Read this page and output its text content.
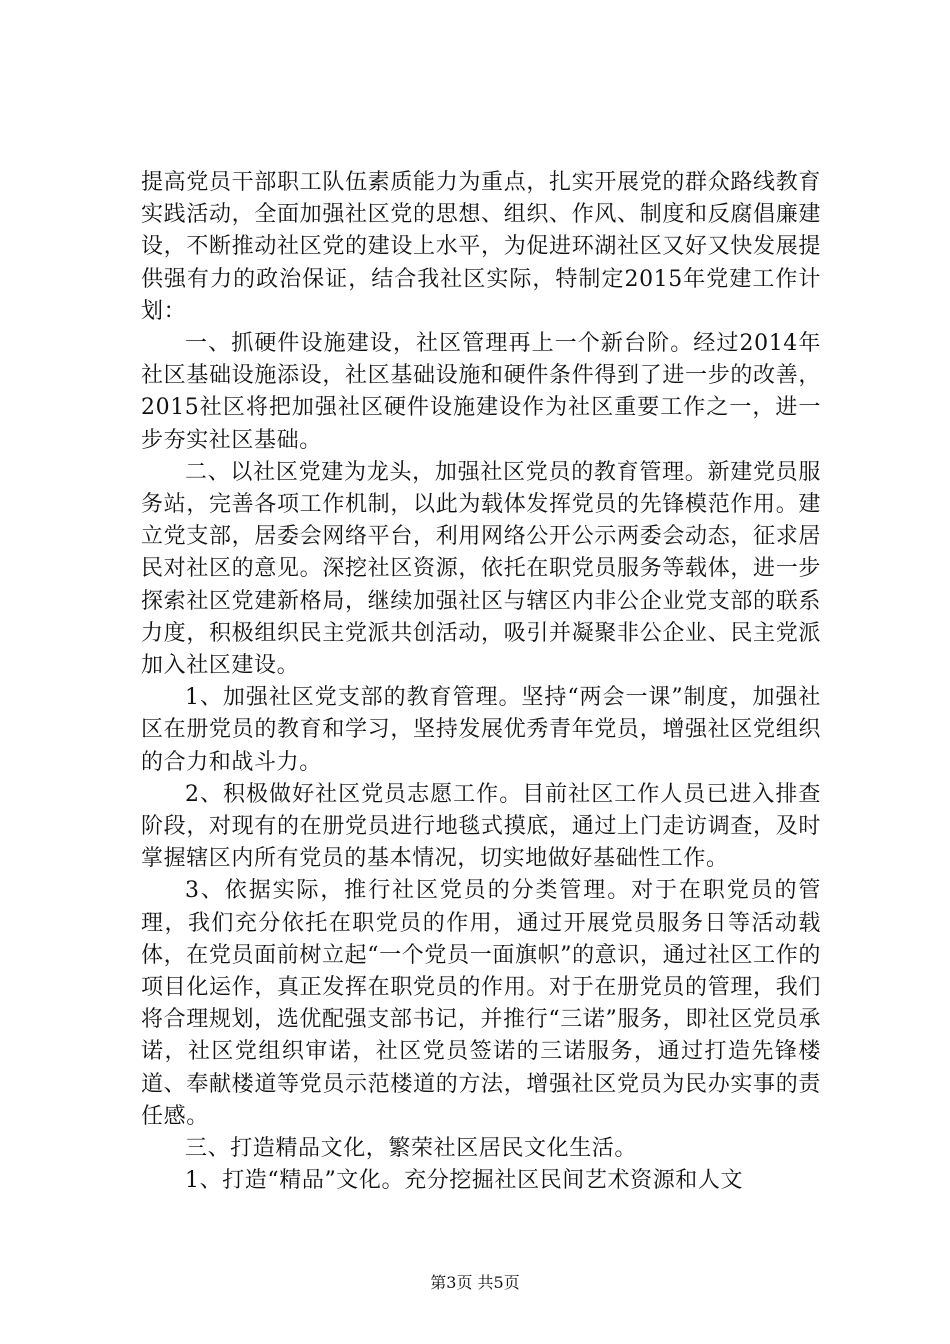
提高党员干部职工队伍素质能力为重点，扎实开展党的群众路线教育实践活动，全面加强社区党的思想、组织、作风、制度和反腐倡廉建设，不断推动社区党的建设上水平，为促进环湖社区又好又快发展提供强有力的政治保证，结合我社区实际，特制定2015年党建工作计划：

一、抓硬件设施建设，社区管理再上一个新台阶。经过2014年社区基础设施添设，社区基础设施和硬件条件得到了进一步的改善，2015社区将把加强社区硬件设施建设作为社区重要工作之一，进一步夯实社区基础。

二、以社区党建为龙头，加强社区党员的教育管理。新建党员服务站，完善各项工作机制，以此为载体发挥党员的先锋模范作用。建立党支部，居委会网络平台，利用网络公开公示两委会动态，征求居民对社区的意见。深挖社区资源，依托在职党员服务等载体，进一步探索社区党建新格局，继续加强社区与辖区内非公企业党支部的联系力度，积极组织民主党派共创活动，吸引并凝聚非公企业、民主党派加入社区建设。

1、加强社区党支部的教育管理。坚持“两会一课”制度，加强社区在册党员的教育和学习，坚持发展优秀青年党员，增强社区党组织的合力和战斗力。

2、积极做好社区党员志愿工作。目前社区工作人员已进入排查阶段，对现有的在册党员进行地毯式摸底，通过上门走访调查，及时掌握辖区内所有党员的基本情况，切实地做好基础性工作。

3、依据实际，推行社区党员的分类管理。对于在职党员的管理，我们充分依托在职党员的作用，通过开展党员服务日等活动载体，在党员面前树立起“一个党员一面旗帜”的意识，通过社区工作的项目化运作，真正发挥在职党员的作用。对于在册党员的管理，我们将合理规划，选优配强支部书记，并推行“三诺”服务，即社区党员承诺，社区党组织审诺，社区党员签诺的三诺服务，通过打造先锋楼道、奉献楼道等党员示范楼道的方法，增强社区党员为民办实事的责任感。

三、打造精品文化，繁荣社区居民文化生活。

1、打造“精品”文化。充分挖掘社区民间艺术资源和人文

第3页 共5页
